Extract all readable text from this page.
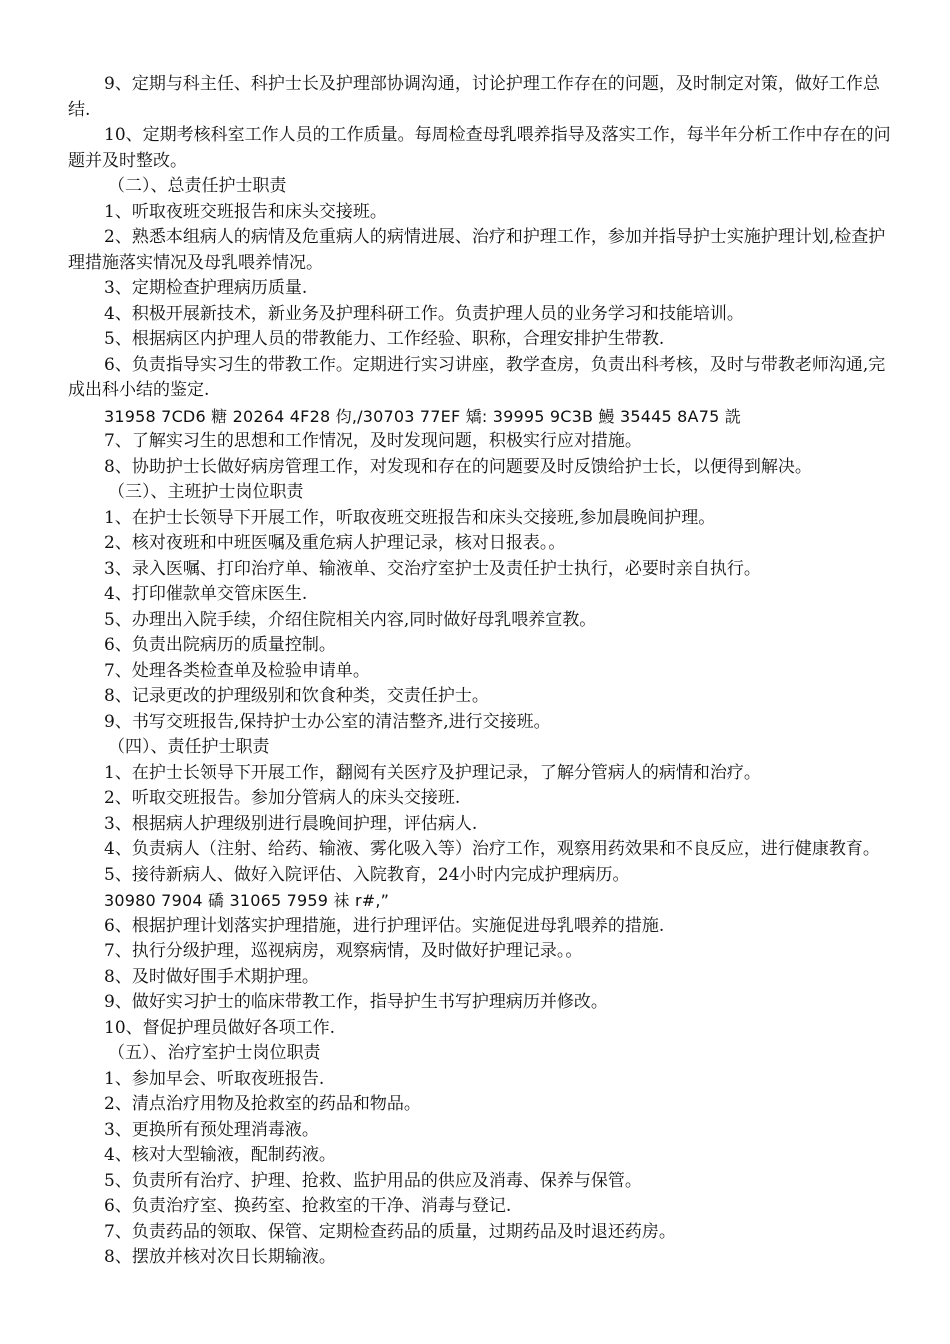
9、定期与科主任、科护士长及护理部协调沟通，讨论护理工作存在的问题，及时制定对策，做好工作总结.

10、定期考核科室工作人员的工作质量。每周检查母乳喂养指导及落实工作，每半年分析工作中存在的问题并及时整改。

（二）、总责任护士职责

1、听取夜班交班报告和床头交接班。

2、熟悉本组病人的病情及危重病人的病情进展、治疗和护理工作，参加并指导护士实施护理计划,检查护理措施落实情况及母乳喂养情况。

3、定期检查护理病历质量.

4、积极开展新技术，新业务及护理科研工作。负责护理人员的业务学习和技能培训。

5、根据病区内护理人员的带教能力、工作经验、职称，合理安排护生带教.

6、负责指导实习生的带教工作。定期进行实习讲座，教学查房，负责出科考核，及时与带教老师沟通,完成出科小结的鉴定.

31958 7CD6 糖 20264 4F28 伨,/30703 77EF 矯: 39995 9C3B 鰻 35445 8A75 詵

7、了解实习生的思想和工作情况，及时发现问题，积极实行应对措施。

8、协助护士长做好病房管理工作，对发现和存在的问题要及时反馈给护士长，以便得到解决。

（三）、主班护士岗位职责

1、在护士长领导下开展工作，听取夜班交班报告和床头交接班,参加晨晚间护理。

2、核对夜班和中班医嘱及重危病人护理记录，核对日报表。。

3、录入医嘱、打印治疗单、输液单、交治疗室护士及责任护士执行，必要时亲自执行。

4、打印催款单交管床医生.

5、办理出入院手续，介绍住院相关内容,同时做好母乳喂养宣教。

6、负责出院病历的质量控制。

7、处理各类检查单及检验申请单。

8、记录更改的护理级别和饮食种类，交责任护士。

9、书写交班报告,保持护士办公室的清洁整齐,进行交接班。

（四）、责任护士职责

1、在护士长领导下开展工作，翻阅有关医疗及护理记录，了解分管病人的病情和治疗。

2、听取交班报告。参加分管病人的床头交接班.

3、根据病人护理级别进行晨晚间护理，评估病人.

4、负责病人（注射、给药、输液、雾化吸入等）治疗工作，观察用药效果和不良反应，进行健康教育。

5、接待新病人、做好入院评估、入院教育，24小时内完成护理病历。

30980 7904 礄 31065 7959 祙 r#,”

6、根据护理计划落实护理措施，进行护理评估。实施促进母乳喂养的措施.

7、执行分级护理，巡视病房，观察病情，及时做好护理记录。。

8、及时做好围手术期护理。

9、做好实习护士的临床带教工作，指导护生书写护理病历并修改。

10、督促护理员做好各项工作.

（五）、治疗室护士岗位职责

1、参加早会、听取夜班报告.

2、清点治疗用物及抢救室的药品和物品。

3、更换所有预处理消毒液。

4、核对大型输液，配制药液。

5、负责所有治疗、护理、抢救、监护用品的供应及消毒、保养与保管。

6、负责治疗室、换药室、抢救室的干净、消毒与登记.

7、负责药品的领取、保管、定期检查药品的质量，过期药品及时退还药房。

8、摆放并核对次日长期输液。
